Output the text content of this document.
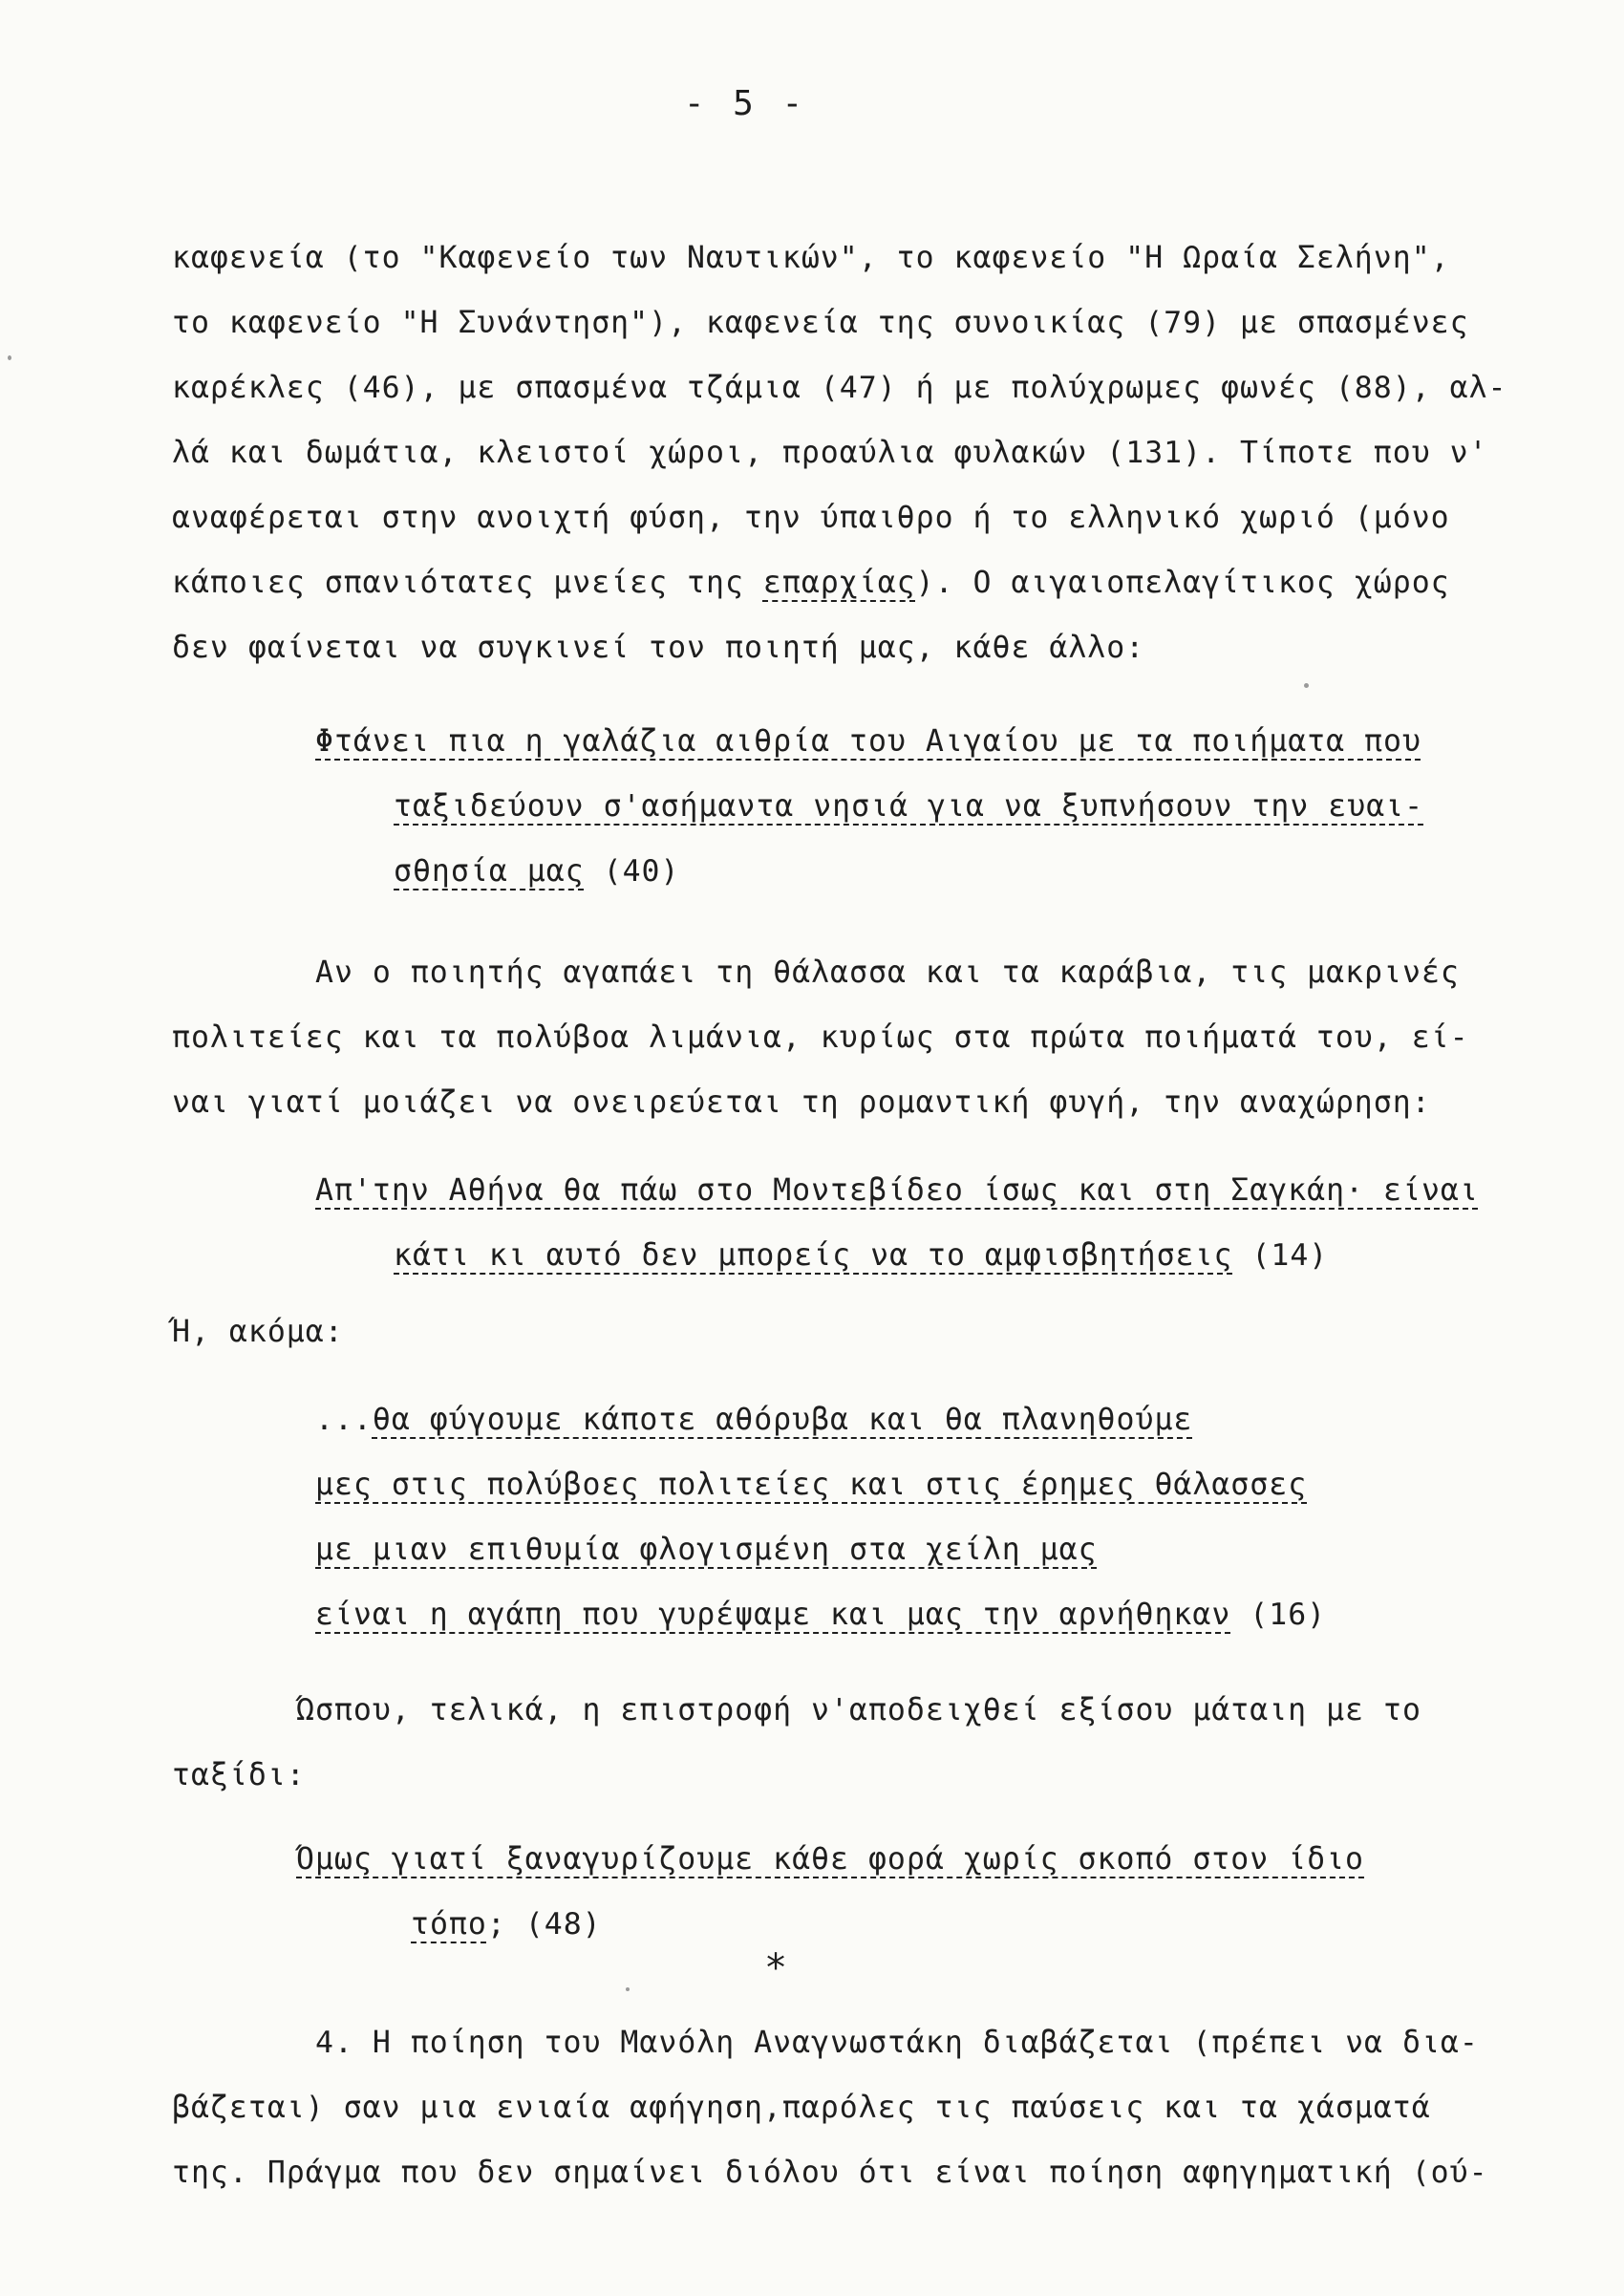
- 5 -
καφενεία (το "Καφενείο των Ναυτικών", το καφενείο "Η Ωραία Σελήνη",
το καφενείο "Η Συνάντηση"), καφενεία της συνοικίας (79) με σπασμένες
καρέκλες (46), με σπασμένα τζάμια (47) ή με πολύχρωμες φωνές (88), αλ-
λά και δωμάτια, κλειστοί χώροι, προαύλια φυλακών (131). Τίποτε που ν'
αναφέρεται στην ανοιχτή φύση, την ύπαιθρο ή το ελληνικό χωριό (μόνο
κάποιες σπανιότατες μνείες της επαρχίας). Ο αιγαιοπελαγίτικος χώρος
δεν φαίνεται να συγκινεί τον ποιητή μας, κάθε άλλο:
Φτάνει πια η γαλάζια αιθρία του Αιγαίου με τα ποιήματα που
ταξιδεύουν σ'ασήμαντα νησιά για να ξυπνήσουν την ευαι-
σθησία μας (40)
Αν ο ποιητής αγαπάει τη θάλασσα και τα καράβια, τις μακρινές
πολιτείες και τα πολύβοα λιμάνια, κυρίως στα πρώτα ποιήματά του, εί-
ναι γιατί μοιάζει να ονειρεύεται τη ρομαντική φυγή, την αναχώρηση:
Απ'την Αθήνα θα πάω στο Μοντεβίδεο ίσως και στη Σαγκάη· είναι
κάτι κι αυτό δεν μπορείς να το αμφισβητήσεις (14)
Ή, ακόμα:
...θα φύγουμε κάποτε αθόρυβα και θα πλανηθούμε
μες στις πολύβοες πολιτείες και στις έρημες θάλασσες
με μιαν επιθυμία φλογισμένη στα χείλη μας
είναι η αγάπη που γυρέψαμε και μας την αρνήθηκαν (16)
Ώσπου, τελικά, η επιστροφή ν'αποδειχθεί εξίσου μάταιη με το
ταξίδι:
Όμως γιατί ξαναγυρίζουμε κάθε φορά χωρίς σκοπό στον ίδιο
τόπο; (48)
*
4. Η ποίηση του Μανόλη Αναγνωστάκη διαβάζεται (πρέπει να δια-
βάζεται) σαν μια ενιαία αφήγηση,παρόλες τις παύσεις και τα χάσματά
της. Πράγμα που δεν σημαίνει διόλου ότι είναι ποίηση αφηγηματική (ού-
